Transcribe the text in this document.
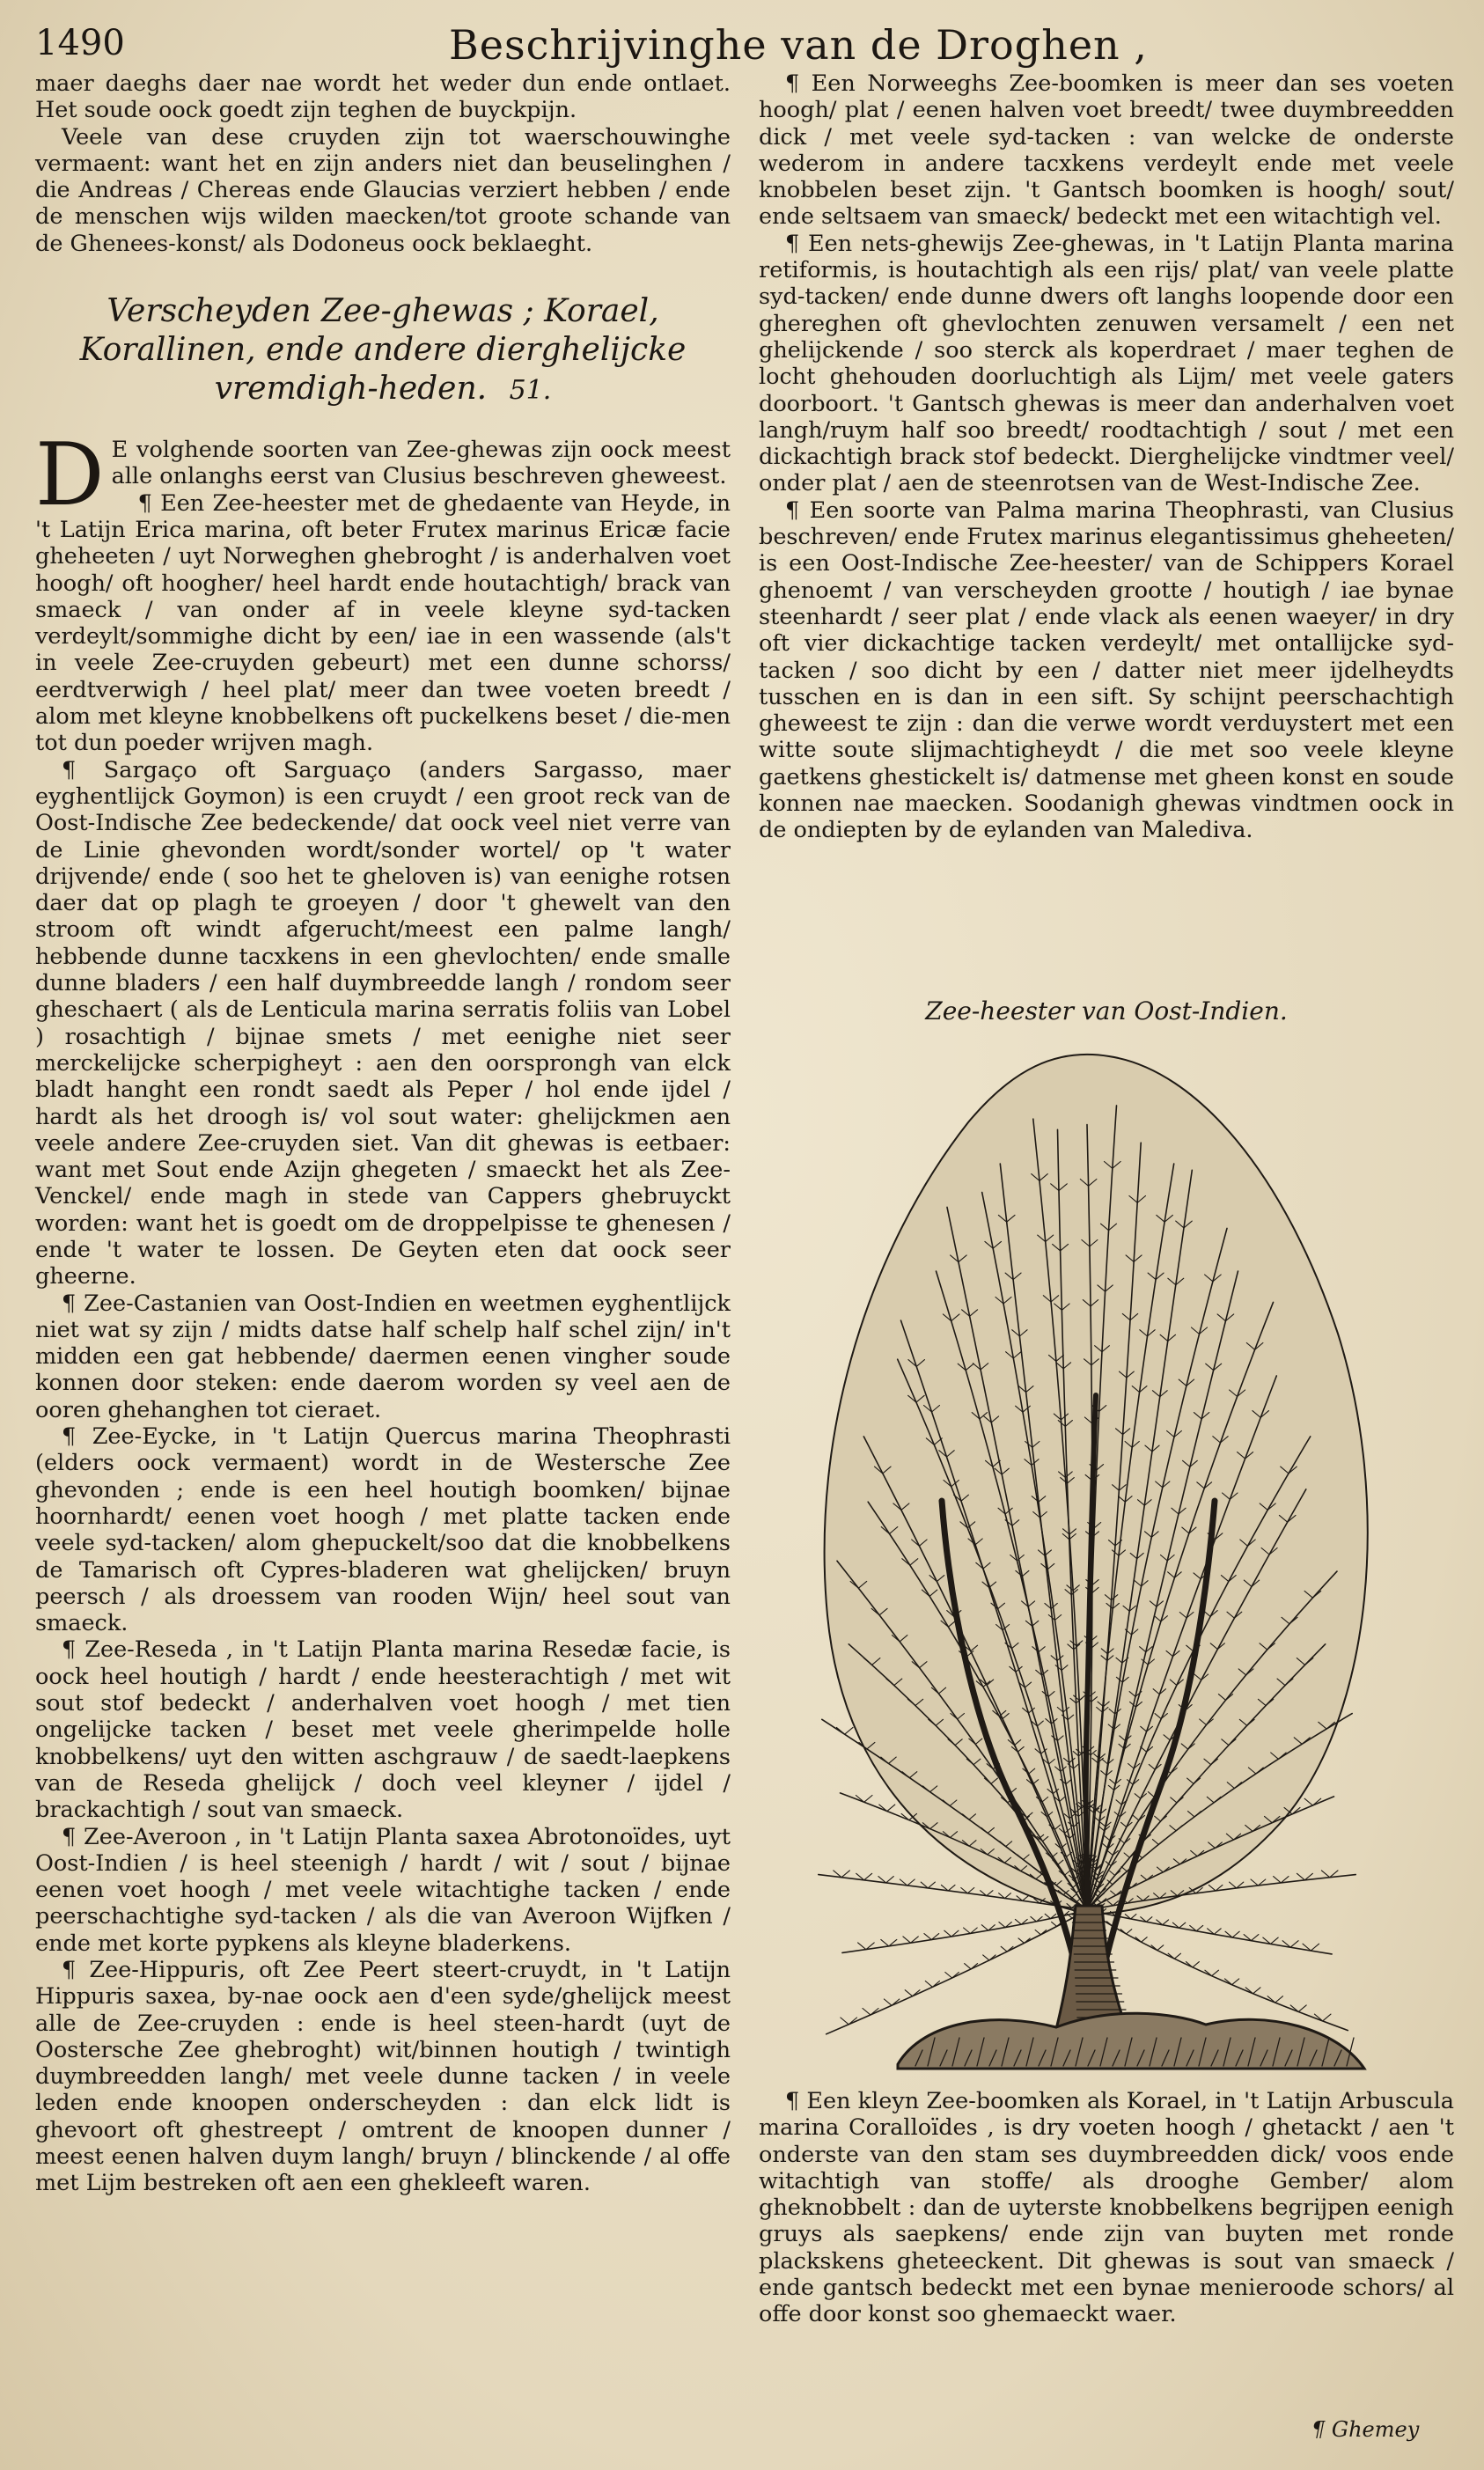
1490	Beschrijvinghe van de Droghen ,

maer daeghs daer nae wordt het weder dun ende ontlaet. Het soude oock goedt zijn teghen de buyckpijn.

Veele van dese cruyden zijn tot waerschouwinghe vermaent: want het en zijn anders niet dan beuselinghen / die Andreas / Chereas ende Glaucias verziert hebben / ende de menschen wijs wilden maecken/tot groote schande van de Ghenees-konst/ als Dodoneus oock beklaeght.

Verscheyden Zee-ghewas ; Korael, Korallinen, ende andere dierghelijcke vremdigh-heden. 51.

D E volghende soorten van Zee-ghewas zijn oock meest alle onlanghs eerst van Clusius beschreven gheweest.

¶ Een Zee-heester met de ghedaente van Heyde, in 't Latijn Erica marina, oft beter Frutex marinus Ericæ facie gheheeten / uyt Norweghen ghebroght / is anderhalven voet hoogh/ oft hoogher/ heel hardt ende houtachtigh/ brack van smaeck / van onder af in veele kleyne syd-tacken verdeylt/sommighe dicht by een/ iae in een wassende (als't in veele Zee-cruyden gebeurt) met een dunne schorss/ eerdtverwigh / heel plat/ meer dan twee voeten breedt / alom met kleyne knobbelkens oft puckelkens beset / die-men tot dun poeder wrijven magh.

¶ Sargaço oft Sarguaço (anders Sargasso, maer eyghentlijck Goymon) is een cruydt / een groot reck van de Oost-Indische Zee bedeckende/ dat oock veel niet verre van de Linie ghevonden wordt/sonder wortel/ op 't water drijvende/ ende ( soo het te gheloven is) van eenighe rotsen daer dat op plagh te groeyen / door 't ghewelt van den stroom oft windt afgerucht/meest een palme langh/ hebbende dunne tacxkens in een ghevlochten/ ende smalle dunne bladers / een half duymbreedde langh / rondom seer gheschaert ( als de Lenticula marina serratis foliis van Lobel ) rosachtigh / bijnae smets / met eenighe niet seer merckelijcke scherpigheyt : aen den oorsprongh van elck bladt hanght een rondt saedt als Peper / hol ende ijdel / hardt als het droogh is/ vol sout water: ghelijckmen aen veele andere Zee-cruyden siet. Van dit ghewas is eetbaer: want met Sout ende Azijn ghegeten / smaeckt het als Zee-Venckel/ ende magh in stede van Cappers ghebruyckt worden: want het is goedt om de droppelpisse te ghenesen / ende 't water te lossen. De Geyten eten dat oock seer gheerne.

¶ Zee-Castanien van Oost-Indien en weetmen eyghentlijck niet wat sy zijn / midts datse half schelp half schel zijn/ in't midden een gat hebbende/ daermen eenen vingher soude konnen door steken: ende daerom worden sy veel aen de ooren ghehanghen tot cieraet.

¶ Zee-Eycke, in 't Latijn Quercus marina Theophrasti (elders oock vermaent) wordt in de Westersche Zee ghevonden ; ende is een heel houtigh boomken/ bijnae hoornhardt/ eenen voet hoogh / met platte tacken ende veele syd-tacken/ alom ghepuckelt/soo dat die knobbelkens de Tamarisch oft Cypres-bladeren wat ghelijcken/ bruyn peersch / als droessem van rooden Wijn/ heel sout van smaeck.

¶ Zee-Reseda , in 't Latijn Planta marina Resedæ facie, is oock heel houtigh / hardt / ende heesterachtigh / met wit sout stof bedeckt / anderhalven voet hoogh / met tien ongelijcke tacken / beset met veele gherimpelde holle knobbelkens/ uyt den witten aschgrauw / de saedt-laepkens van de Reseda ghelijck / doch veel kleyner / ijdel / brackachtigh / sout van smaeck.

¶ Zee-Averoon , in 't Latijn Planta saxea Abrotonoïdes, uyt Oost-Indien / is heel steenigh / hardt / wit / sout / bijnae eenen voet hoogh / met veele witachtighe tacken / ende peerschachtighe syd-tacken / als die van Averoon Wijfken / ende met korte pypkens als kleyne bladerkens.

¶ Zee-Hippuris, oft Zee Peert steert-cruydt, in 't Latijn Hippuris saxea, by-nae oock aen d'een syde/ghelijck meest alle de Zee-cruyden : ende is heel steen-hardt (uyt de Oostersche Zee ghebroght) wit/binnen houtigh / twintigh duymbreedden langh/ met veele dunne tacken / in veele leden ende knoopen onderscheyden : dan elck lidt is ghevoort oft ghestreept / omtrent de knoopen dunner / meest eenen halven duym langh/ bruyn / blinckende / al offe met Lijm bestreken oft aen een ghekleeft waren.

¶ Een Norweeghs Zee-boomken is meer dan ses voeten hoogh/ plat / eenen halven voet breedt/ twee duymbreedden dick / met veele syd-tacken : van welcke de onderste wederom in andere tacxkens verdeylt ende met veele knobbelen beset zijn. 't Gantsch boomken is hoogh/ sout/ ende seltsaem van smaeck/ bedeckt met een witachtigh vel.

¶ Een nets-ghewijs Zee-ghewas, in 't Latijn Planta marina retiformis, is houtachtigh als een rijs/ plat/ van veele platte syd-tacken/ ende dunne dwers oft langhs loopende door een ghereghen oft ghevlochten zenuwen versamelt / een net ghelijckende / soo sterck als koperdraet / maer teghen de locht ghehouden doorluchtigh als Lijm/ met veele gaters doorboort. 't Gantsch ghewas is meer dan anderhalven voet langh/ruym half soo breedt/ roodtachtigh / sout / met een dickachtigh brack stof bedeckt. Dierghelijcke vindtmer veel/ onder plat / aen de steenrotsen van de West-Indische Zee.

¶ Een soorte van Palma marina Theophrasti, van Clusius beschreven/ ende Frutex marinus elegantissimus gheheeten/ is een Oost-Indische Zee-heester/ van de Schippers Korael ghenoemt / van verscheyden grootte / houtigh / iae bynae steenhardt / seer plat / ende vlack als eenen waeyer/ in dry oft vier dickachtige tacken verdeylt/ met ontallijcke syd-tacken / soo dicht by een / datter niet meer ijdelheydts tusschen en is dan in een sift. Sy schijnt peerschachtigh gheweest te zijn : dan die verwe wordt verduystert met een witte soute slijmachtigheydt / die met soo veele kleyne gaetkens ghestickelt is/ datmense met gheen konst en soude konnen nae maecken. Soodanigh ghewas vindtmen oock in de ondiepten by de eylanden van Malediva.

Zee-heester van Oost-Indien.

¶ Een kleyn Zee-boomken als Korael, in 't Latijn Arbuscula marina Coralloïdes , is dry voeten hoogh / ghetackt / aen 't onderste van den stam ses duymbreedden dick/ voos ende witachtigh van stoffe/ als drooghe Gember/ alom gheknobbelt : dan de uyterste knobbelkens begrijpen eenigh gruys als saepkens/ ende zijn van buyten met ronde plackskens gheteeckent. Dit ghewas is sout van smaeck / ende gantsch bedeckt met een bynae menieroode schors/ al offe door konst soo ghemaeckt waer.

¶ Ghemey
